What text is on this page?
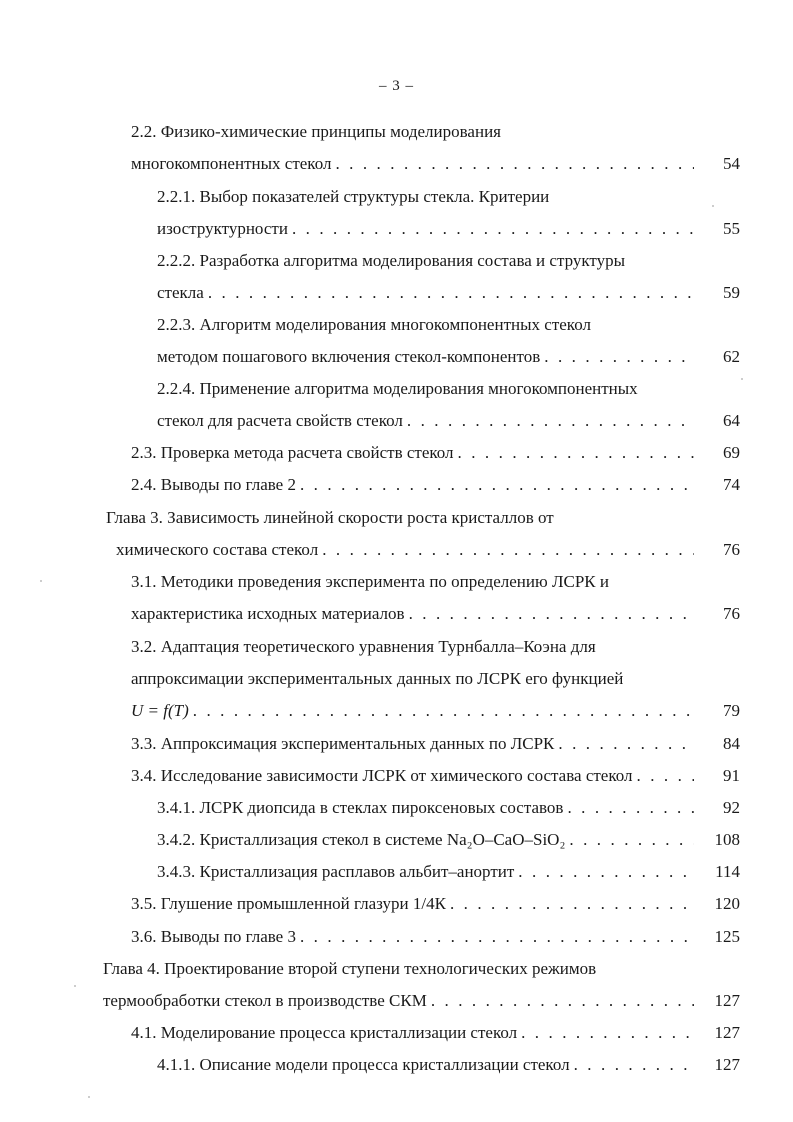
– 3 –
2.2. Физико-химические принципы моделирования
многокомпонентных стекол . . .	54
2.2.1. Выбор показателей структуры стекла. Критерии
изоструктурности . . .	55
2.2.2. Разработка алгоритма моделирования состава и структуры
стекла . . .	59
2.2.3. Алгоритм моделирования многокомпонентных стекол
методом пошагового включения стекол-компонентов . . .	62
2.2.4. Применение алгоритма моделирования многокомпонентных
стекол для расчета свойств стекол . . .	64
2.3. Проверка метода расчета свойств стекол . . .	69
2.4. Выводы по главе 2 . . .	74
Глава 3. Зависимость линейной скорости роста кристаллов от
химического состава стекол . . .	76
3.1. Методики проведения эксперимента по определению ЛСРК и
характеристика исходных материалов . . .	76
3.2. Адаптация теоретического уравнения Турнбалла–Коэна для
аппроксимации экспериментальных данных по ЛСРК его функцией
U = f(T) . . .	79
3.3. Аппроксимация экспериментальных данных по ЛСРК . . .	84
3.4. Исследование зависимости ЛСРК от химического состава стекол . . .	91
3.4.1. ЛСРК диопсида в стеклах пироксеновых составов . . .	92
3.4.2. Кристаллизация стекол в системе Na₂O–CaO–SiO₂ . . .	108
3.4.3. Кристаллизация расплавов альбит–анортит . . .	114
3.5. Глушение промышленной глазури 1/4К . . .	120
3.6. Выводы по главе 3 . . .	125
Глава 4. Проектирование второй ступени технологических режимов
термообработки стекол в производстве СКМ . . .	127
4.1. Моделирование процесса кристаллизации стекол . . .	127
4.1.1. Описание модели процесса кристаллизации стекол . . .	127
